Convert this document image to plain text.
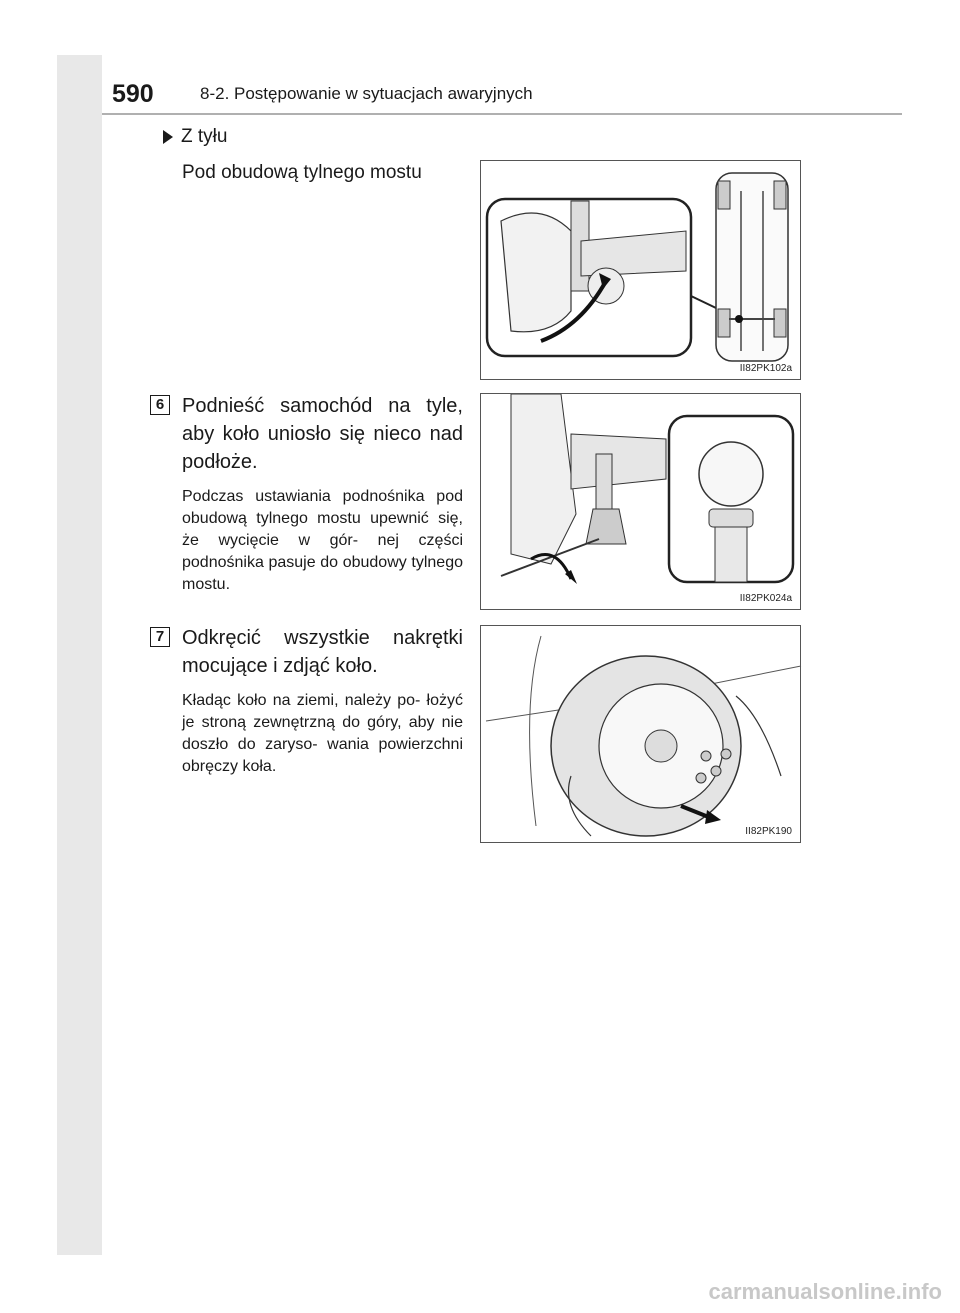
590	8-2. Postępowanie w sytuacjach awaryjnych
Z tyłu
Pod obudową tylnego mostu
II82PK102a
6 Podnieść samochód na tyle, aby koło uniosło się nieco nad podłoże.
Podczas ustawiania podnośnika pod obudową tylnego mostu upewnić się, że wycięcie w gór- nej części podnośnika pasuje do obudowy tylnego mostu.
II82PK024a
7 Odkręcić wszystkie nakrętki mocujące i zdjąć koło.
Kładąc koło na ziemi, należy po- łożyć je stroną zewnętrzną do góry, aby nie doszło do zaryso- wania powierzchni obręczy koła.
II82PK190
carmanualsonline.info
